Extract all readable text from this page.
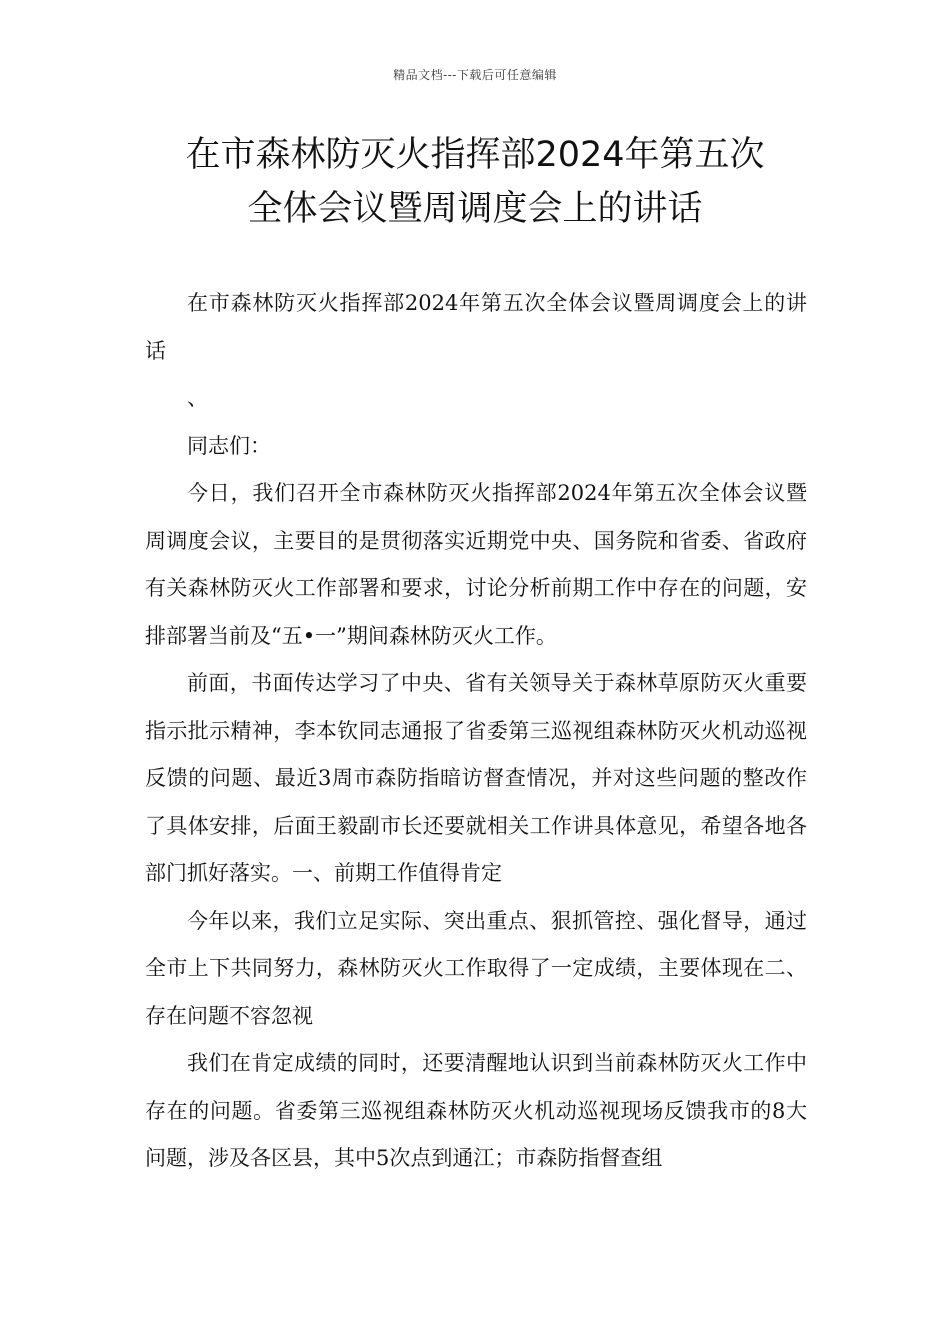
精品文档---下载后可任意编辑
在市森林防灭火指挥部2024年第五次
全体会议暨周调度会上的讲话

在市森林防灭火指挥部2024年第五次全体会议暨周调度会上的讲话

、

同志们：

今日，我们召开全市森林防灭火指挥部2024年第五次全体会议暨周调度会议，主要目的是贯彻落实近期党中央、国务院和省委、省政府有关森林防灭火工作部署和要求，讨论分析前期工作中存在的问题，安排部署当前及“五•一”期间森林防灭火工作。

前面，书面传达学习了中央、省有关领导关于森林草原防灭火重要指示批示精神，李本钦同志通报了省委第三巡视组森林防灭火机动巡视反馈的问题、最近3周市森防指暗访督查情况，并对这些问题的整改作了具体安排，后面王毅副市长还要就相关工作讲具体意见，希望各地各部门抓好落实。一、前期工作值得肯定

今年以来，我们立足实际、突出重点、狠抓管控、强化督导，通过全市上下共同努力，森林防灭火工作取得了一定成绩，主要体现在二、存在问题不容忽视

我们在肯定成绩的同时，还要清醒地认识到当前森林防灭火工作中存在的问题。省委第三巡视组森林防灭火机动巡视现场反馈我市的8大问题，涉及各区县，其中5次点到通江；市森防指督查组
